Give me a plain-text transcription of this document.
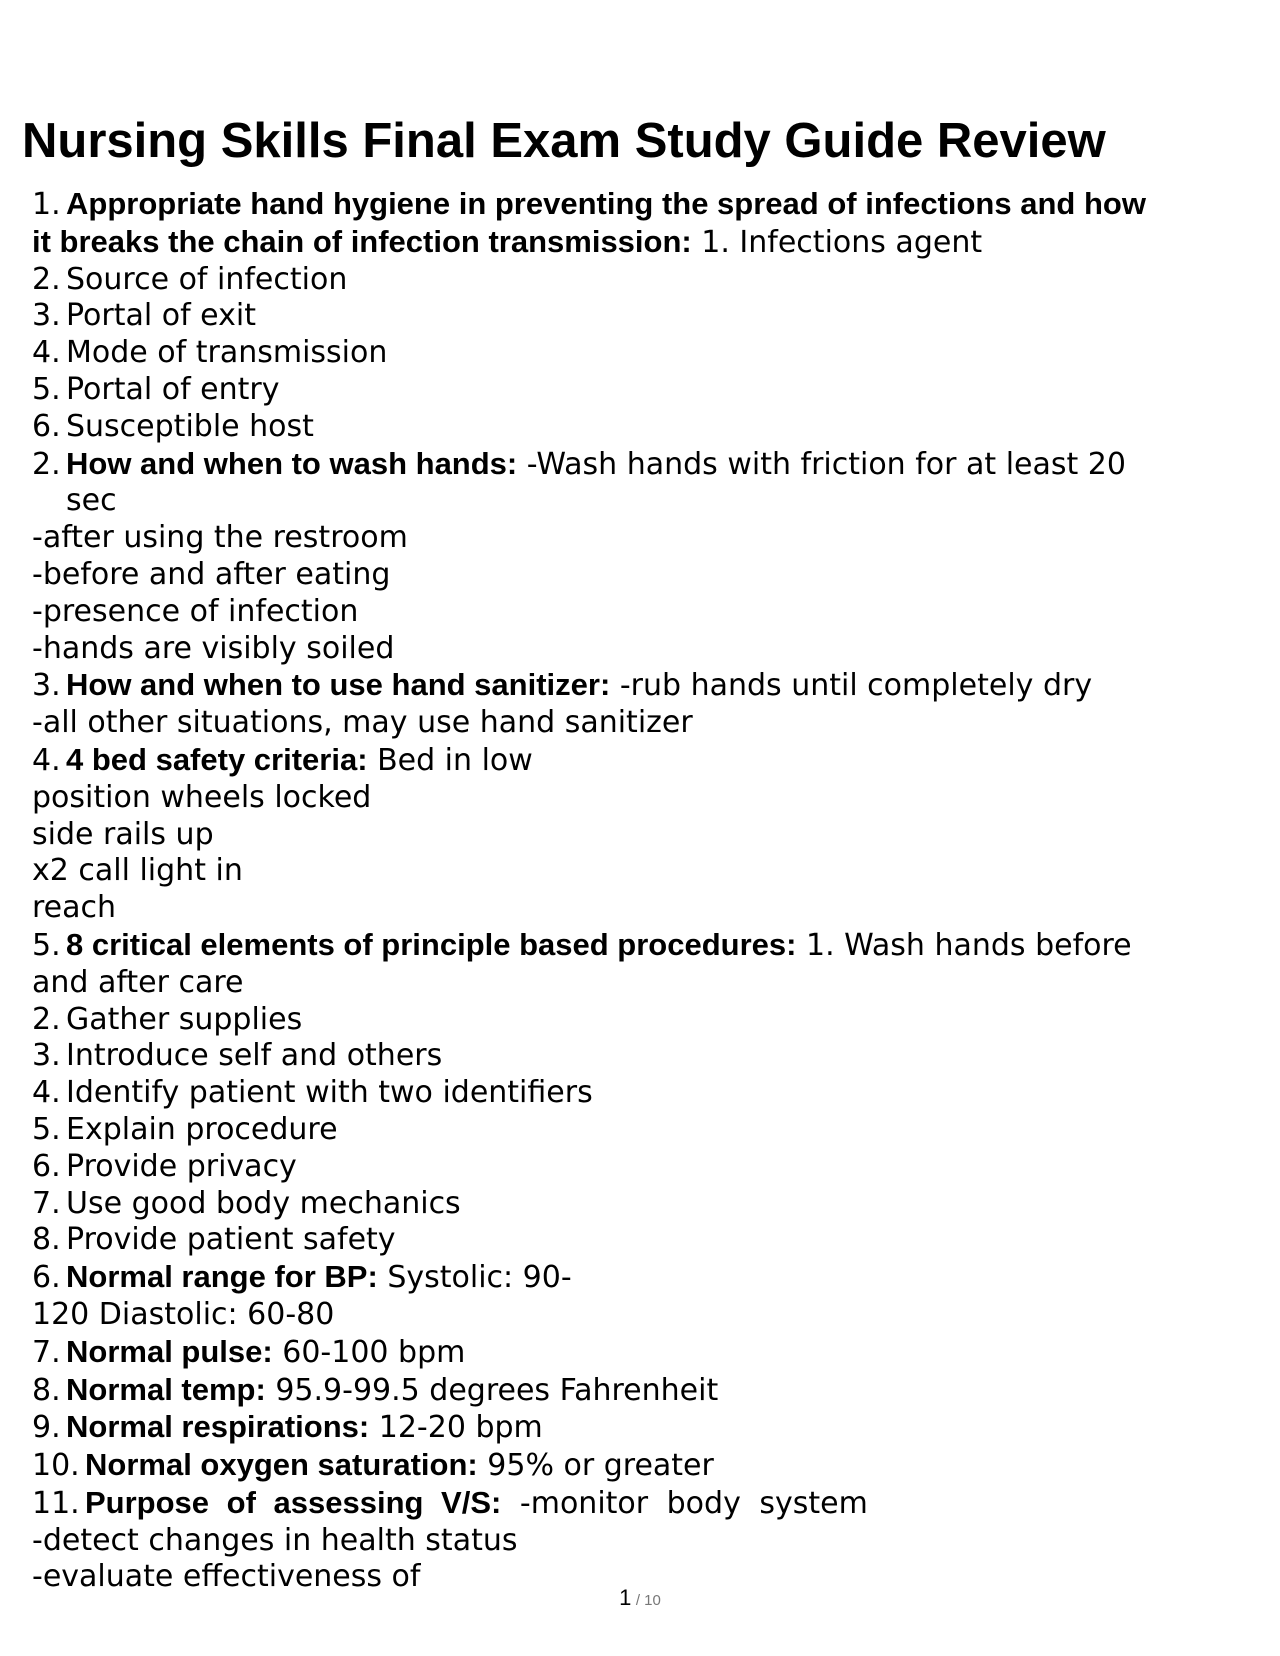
Nursing Skills Final Exam Study Guide Review
1. Appropriate hand hygiene in preventing the spread of infections and how
it breaks the chain of infection transmission: 1. Infections agent
2. Source of infection
3. Portal of exit
4. Mode of transmission
5. Portal of entry
6. Susceptible host
2. How and when to wash hands: -Wash hands with friction for at least 20
sec
-after using the restroom
-before and after eating
-presence of infection
-hands are visibly soiled
3. How and when to use hand sanitizer: -rub hands until completely dry
-all other situations, may use hand sanitizer
4. 4 bed safety criteria: Bed in low
position wheels locked
side rails up
x2 call light in
reach
5. 8 critical elements of principle based procedures: 1. Wash hands before
and after care
2. Gather supplies
3. Introduce self and others
4. Identify patient with two identifiers
5. Explain procedure
6. Provide privacy
7. Use good body mechanics
8. Provide patient safety
6. Normal range for BP: Systolic: 90-
120 Diastolic: 60-80
7. Normal pulse: 60-100 bpm
8. Normal temp: 95.9-99.5 degrees Fahrenheit
9. Normal respirations: 12-20 bpm
10. Normal oxygen saturation: 95% or greater
11. Purpose of assessing V/S: -monitor body system
-detect changes in health status
-evaluate effectiveness of
1 / 10
